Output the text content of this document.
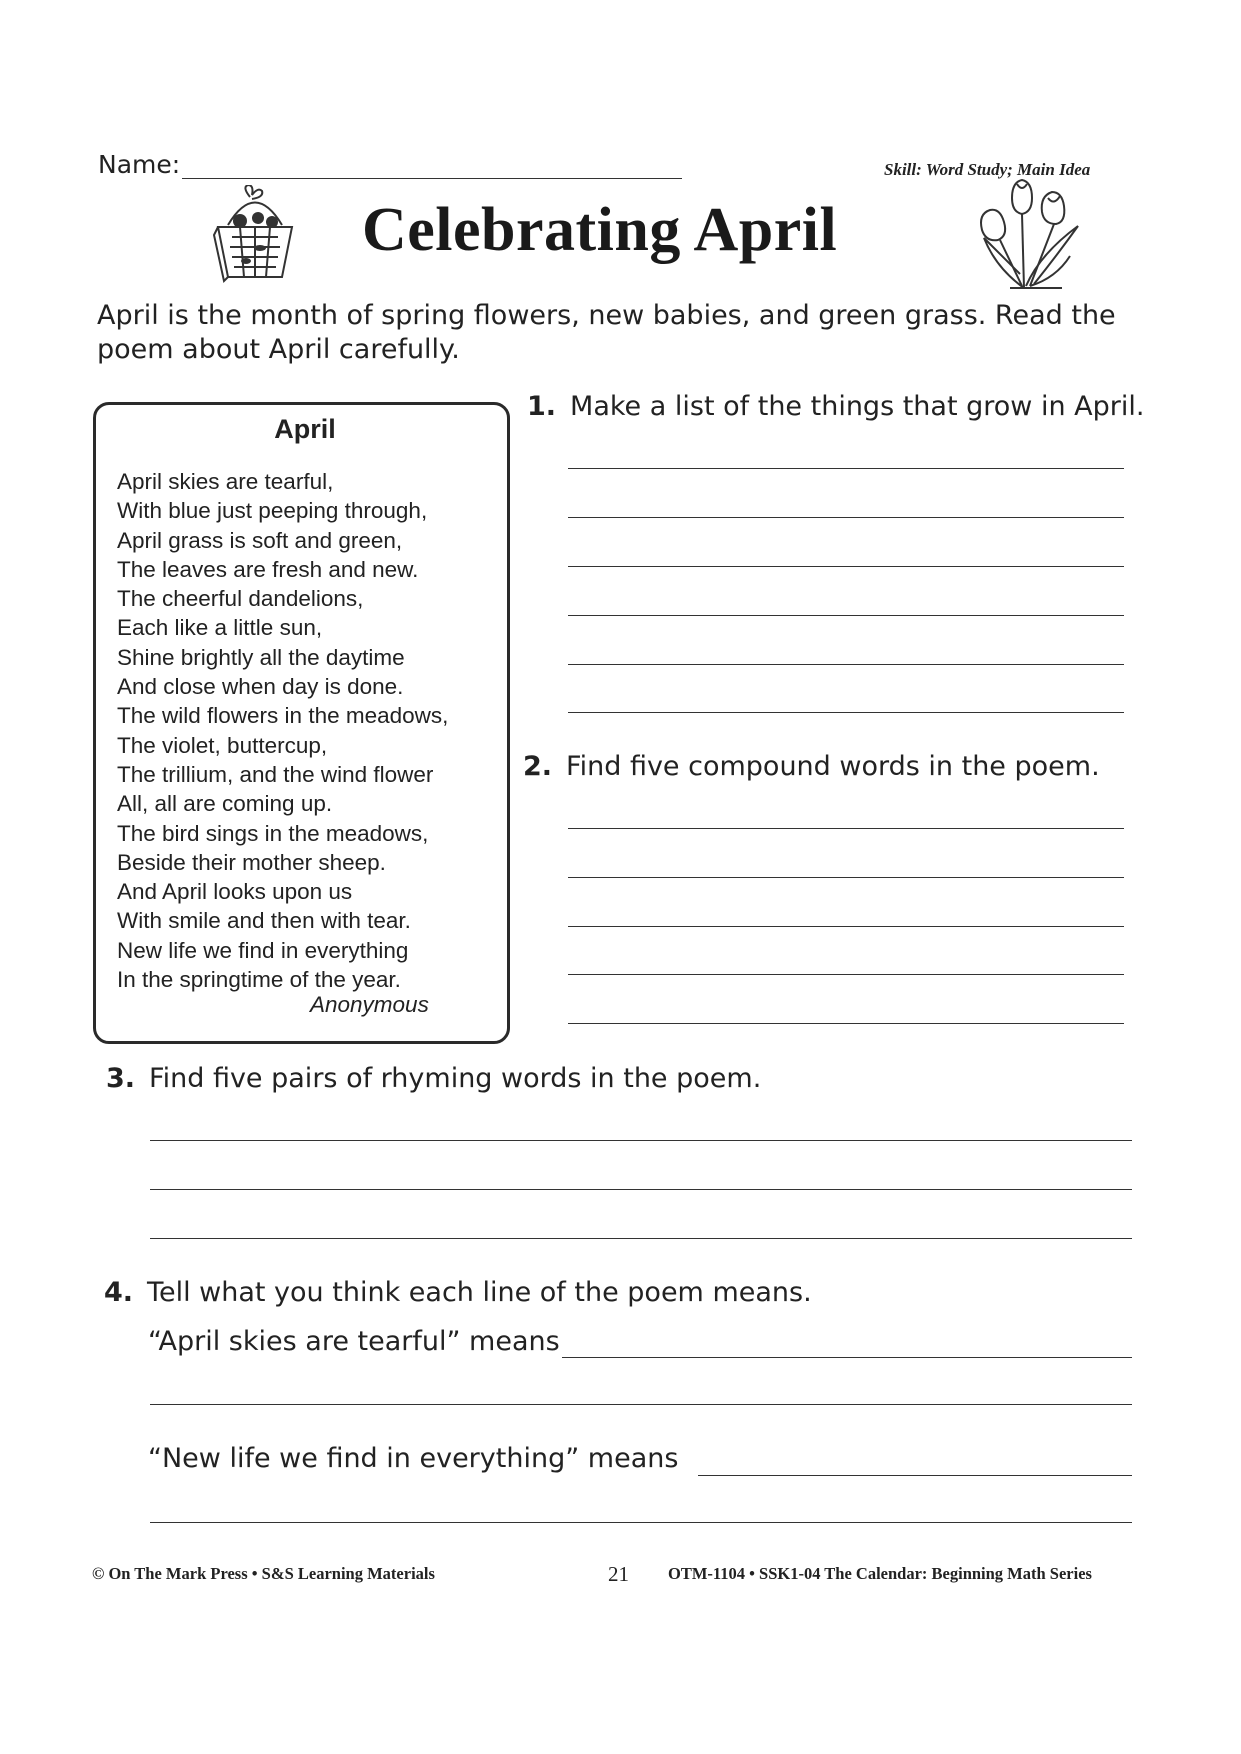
Name:	Skill: Word Study; Main Idea
Celebrating April
April is the month of spring flowers, new babies, and green grass. Read the poem about April carefully.
April
April skies are tearful,
With blue just peeping through,
April grass is soft and green,
The leaves are fresh and new.
The cheerful dandelions,
Each like a little sun,
Shine brightly all the daytime
And close when day is done.
The wild flowers in the meadows,
The violet, buttercup,
The trillium, and the wind flower
All, all are coming up.
The bird sings in the meadows,
Beside their mother sheep.
And April looks upon us
With smile and then with tear.
New life we find in everything
In the springtime of the year.
Anonymous
1. Make a list of the things that grow in April.
2. Find five compound words in the poem.
3. Find five pairs of rhyming words in the poem.
4. Tell what you think each line of the poem means.
“April skies are tearful” means
“New life we find in everything” means
© On The Mark Press • S&S Learning Materials	21 OTM-1104 • SSK1-04 The Calendar: Beginning Math Series
